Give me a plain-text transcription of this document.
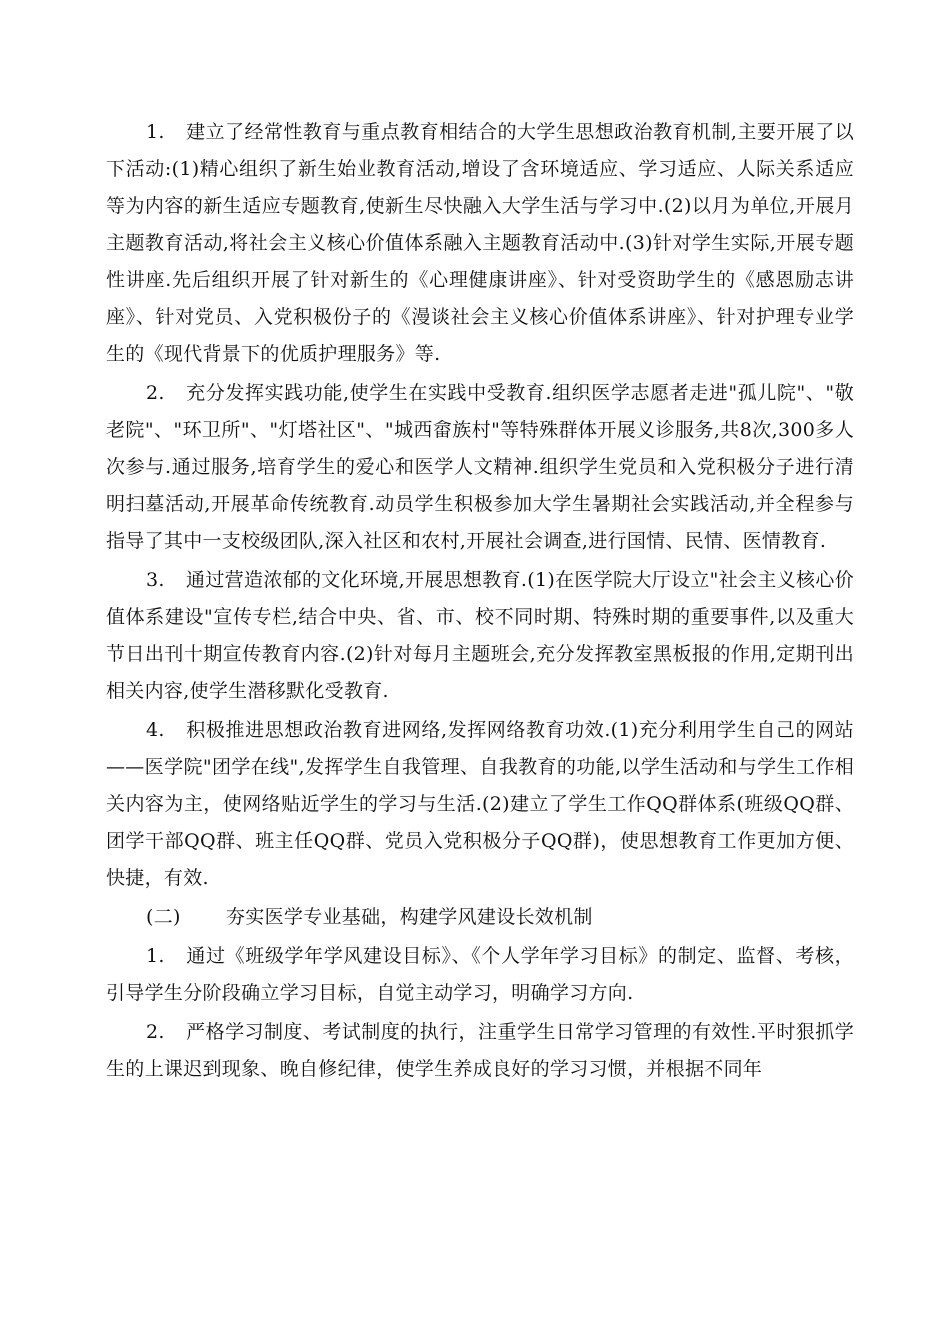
1. 建立了经常性教育与重点教育相结合的大学生思想政治教育机制,主要开展了以下活动:(1)精心组织了新生始业教育活动,增设了含环境适应、学习适应、人际关系适应等为内容的新生适应专题教育,使新生尽快融入大学生活与学习中.(2)以月为单位,开展月主题教育活动,将社会主义核心价值体系融入主题教育活动中.(3)针对学生实际,开展专题性讲座.先后组织开展了针对新生的《心理健康讲座》、针对受资助学生的《感恩励志讲座》、针对党员、入党积极份子的《漫谈社会主义核心价值体系讲座》、针对护理专业学生的《现代背景下的优质护理服务》等.

2. 充分发挥实践功能,使学生在实践中受教育.组织医学志愿者走进"孤儿院"、"敬老院"、"环卫所"、"灯塔社区"、"城西畲族村"等特殊群体开展义诊服务,共8次,300多人次参与.通过服务,培育学生的爱心和医学人文精神.组织学生党员和入党积极分子进行清明扫墓活动,开展革命传统教育.动员学生积极参加大学生暑期社会实践活动,并全程参与指导了其中一支校级团队,深入社区和农村,开展社会调查,进行国情、民情、医情教育.

3. 通过营造浓郁的文化环境,开展思想教育.(1)在医学院大厅设立"社会主义核心价值体系建设"宣传专栏,结合中央、省、市、校不同时期、特殊时期的重要事件,以及重大节日出刊十期宣传教育内容.(2)针对每月主题班会,充分发挥教室黑板报的作用,定期刊出相关内容,使学生潜移默化受教育.

4. 积极推进思想政治教育进网络,发挥网络教育功效.(1)充分利用学生自己的网站——医学院"团学在线",发挥学生自我管理、自我教育的功能,以学生活动和与学生工作相关内容为主，使网络贴近学生的学习与生活.(2)建立了学生工作QQ群体系(班级QQ群、团学干部QQ群、班主任QQ群、党员入党积极分子QQ群)，使思想教育工作更加方便、快捷，有效.

(二) 夯实医学专业基础，构建学风建设长效机制

1. 通过《班级学年学风建设目标》、《个人学年学习目标》的制定、监督、考核，引导学生分阶段确立学习目标，自觉主动学习，明确学习方向.

2. 严格学习制度、考试制度的执行，注重学生日常学习管理的有效性.平时狠抓学生的上课迟到现象、晚自修纪律，使学生养成良好的学习习惯，并根据不同年
